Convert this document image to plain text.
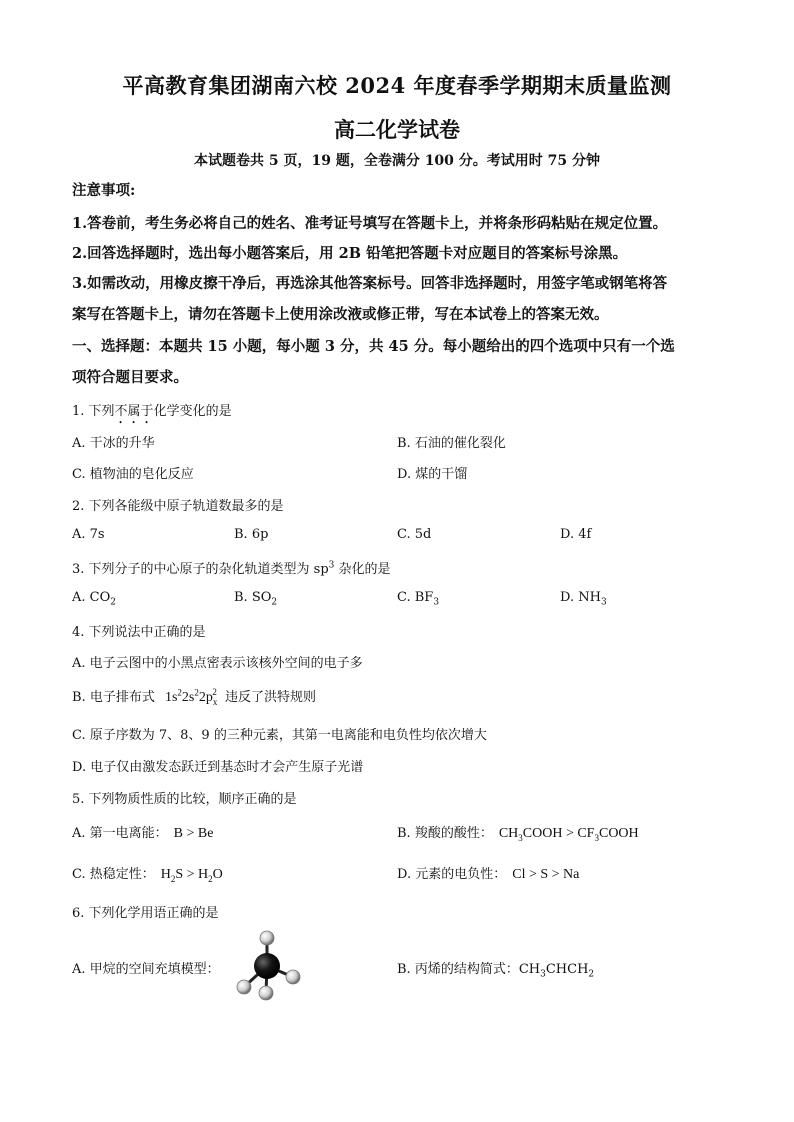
平高教育集团湖南六校 2024 年度春季学期期末质量监测
高二化学试卷
本试题卷共 5 页，19 题，全卷满分 100 分。考试用时 75 分钟
注意事项:
1.答卷前，考生务必将自己的姓名、准考证号填写在答题卡上，并将条形码粘贴在规定位置。
2.回答选择题时，选出每小题答案后，用 2B 铅笔把答题卡对应题目的答案标号涂黑。
3.如需改动，用橡皮擦干净后，再选涂其他答案标号。回答非选择题时，用签字笔或钢笔将答
案写在答题卡上，请勿在答题卡上使用涂改液或修正带，写在本试卷上的答案无效。
一、选择题：本题共 15 小题，每小题 3 分，共 45 分。每小题给出的四个选项中只有一个选
项符合题目要求。
1. 下列不属于化学变化的是
A. 干冰的升华	B. 石油的催化裂化
C. 植物油的皂化反应	D. 煤的干馏
2. 下列各能级中原子轨道数最多的是
A. 7s	B. 6p	C. 5d	D. 4f
3. 下列分子的中心原子的杂化轨道类型为 $sp^3$ 杂化的是
A. $CO_2$	B. $SO_2$	C. $BF_3$	D. $NH_3$
4. 下列说法中正确的是
A. 电子云图中的小黑点密表示该核外空间的电子多
B. 电子排布式 $1s^22s^22p_x^2$ 违反了洪特规则
C. 原子序数为 7、8、9 的三种元素，其第一电离能和电负性均依次增大
D. 电子仅由激发态跃迁到基态时才会产生原子光谱
5. 下列物质性质的比较，顺序正确的是
A. 第一电离能： B > Be	B. 羧酸的酸性： $CH_3COOH$ > $CF_3COOH$
C. 热稳定性： $H_2S > H_2O$	D. 元素的电负性： Cl > S > Na
6. 下列化学用语正确的是
A. 甲烷的空间充填模型：	B. 丙烯的结构简式：$CH_3CHCH_2$
